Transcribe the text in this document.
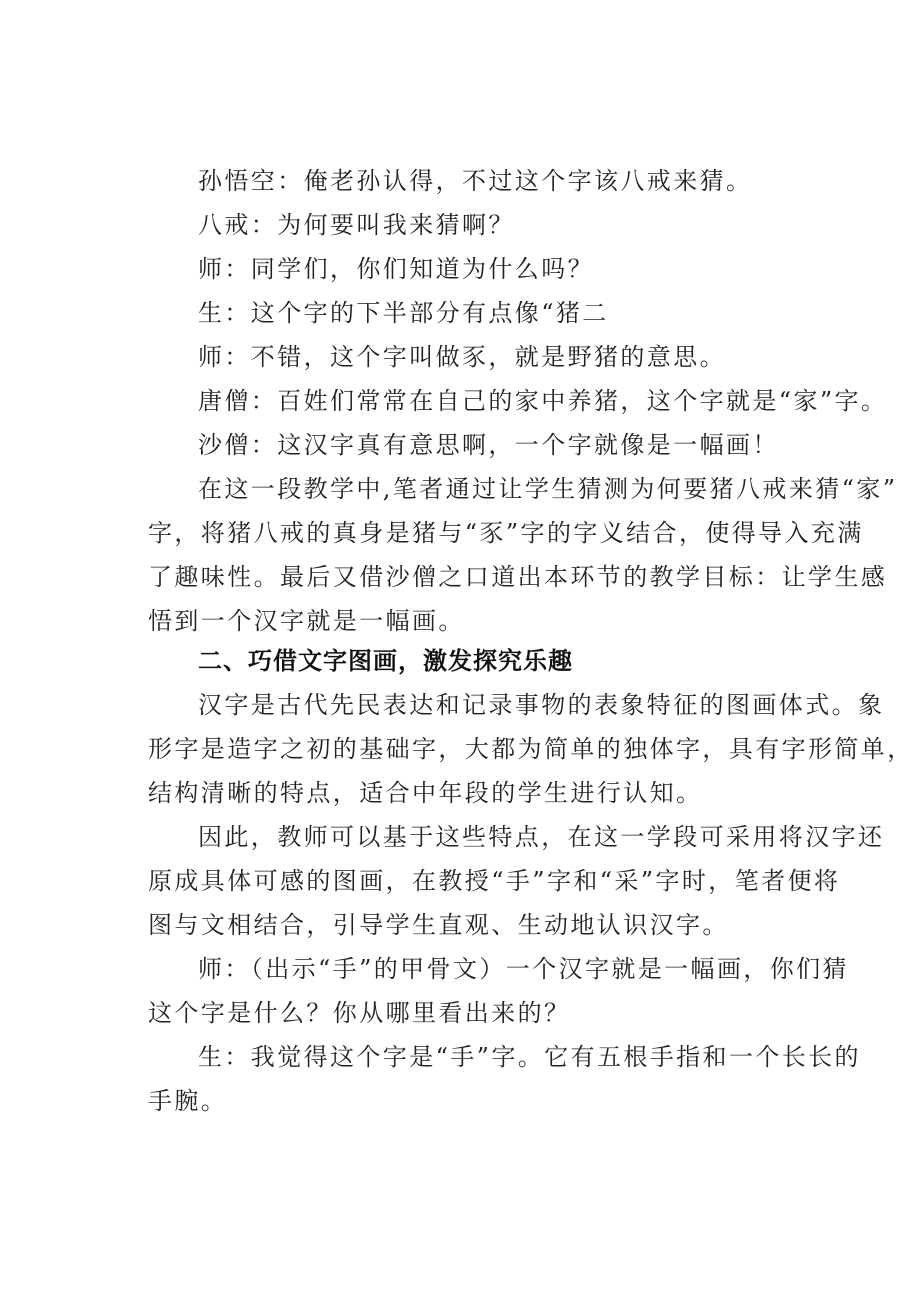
孙悟空：俺老孙认得，不过这个字该八戒来猜。
八戒：为何要叫我来猜啊？
师：同学们，你们知道为什么吗？
生：这个字的下半部分有点像“猪二
师：不错，这个字叫做豕，就是野猪的意思。
唐僧：百姓们常常在自己的家中养猪，这个字就是“家”字。
沙僧：这汉字真有意思啊，一个字就像是一幅画！
在这一段教学中,笔者通过让学生猜测为何要猪八戒来猜“家”
字，将猪八戒的真身是猪与“豕”字的字义结合，使得导入充满
了趣味性。最后又借沙僧之口道出本环节的教学目标：让学生感
悟到一个汉字就是一幅画。
二、巧借文字图画，激发探究乐趣
汉字是古代先民表达和记录事物的表象特征的图画体式。象
形字是造字之初的基础字，大都为简单的独体字，具有字形简单，
结构清晰的特点，适合中年段的学生进行认知。
因此，教师可以基于这些特点，在这一学段可采用将汉字还
原成具体可感的图画，在教授“手”字和“采”字时，笔者便将
图与文相结合，引导学生直观、生动地认识汉字。
师：（出示“手”的甲骨文）一个汉字就是一幅画，你们猜
这个字是什么？你从哪里看出来的？
生：我觉得这个字是“手”字。它有五根手指和一个长长的
手腕。
